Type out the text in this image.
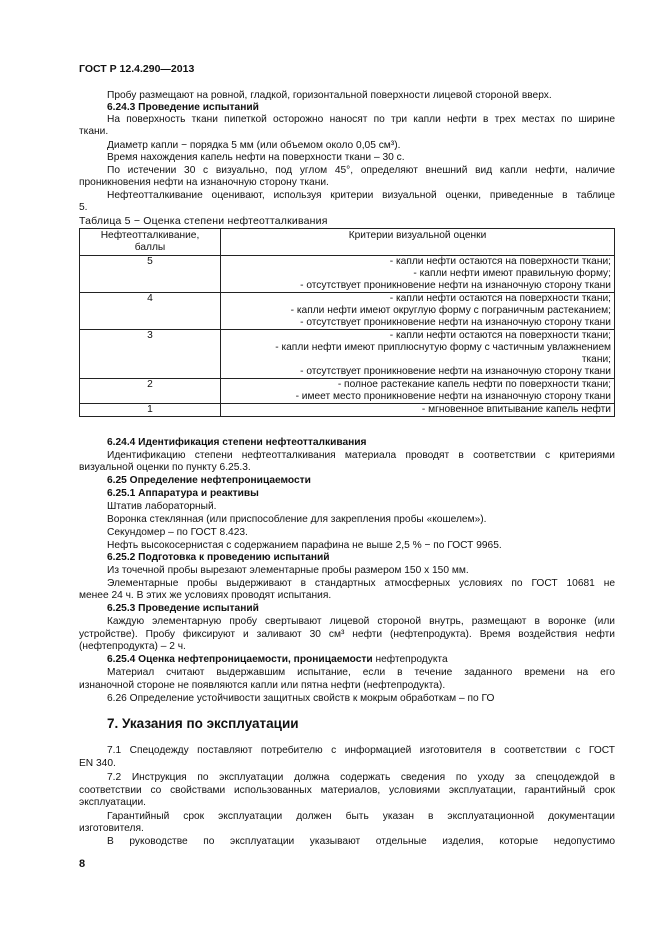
ГОСТ Р 12.4.290—2013
Пробу размещают на ровной, гладкой, горизонтальной поверхности лицевой стороной вверх.
6.24.3 Проведение испытаний
На поверхность ткани пипеткой осторожно наносят по три капли нефти в трех местах по ширине
ткани.
Диаметр капли − порядка 5 мм (или объемом около 0,05 см³).
Время нахождения капель нефти на поверхности ткани – 30 с.
По истечении 30 с визуально, под углом 45°, определяют внешний вид капли нефти, наличие
проникновения нефти на изнаночную сторону ткани.
Нефтеотталкивание оценивают, используя критерии визуальной оценки, приведенные в таблице
5.
Таблица 5 − Оценка степени нефтеотталкивания
Нефтеотталкивание,
баллы	Критерии визуальной оценки
5	- капли нефти остаются на поверхности ткани;
- капли нефти имеют правильную форму;
- отсутствует проникновение нефти на изнаночную сторону ткани

4	- капли нефти остаются на поверхности ткани;
- капли нефти имеют округлую форму с пограничным растеканием;
- отсутствует проникновение нефти на изнаночную сторону ткани

3	- капли нефти остаются на поверхности ткани;
- капли нефти имеют приплюснутую форму с частичным увлажнением
ткани;
- отсутствует проникновение нефти на изнаночную сторону ткани

2	- полное растекание капель нефти по поверхности ткани;
- имеет место проникновение нефти на изнаночную сторону ткани

1	- мгновенное впитывание капель нефти
6.24.4 Идентификация степени нефтеотталкивания
Идентификацию степени нефтеотталкивания материала проводят в соответствии с критериями
визуальной оценки по пункту 6.25.3.
6.25 Определение нефтепроницаемости
6.25.1 Аппаратура и реактивы
Штатив лабораторный.
Воронка стеклянная (или приспособление для закрепления пробы «кошелем»).
Секундомер – по ГОСТ 8.423.
Нефть высокосернистая с содержанием парафина не выше 2,5 % − по ГОСТ 9965.
6.25.2 Подготовка к проведению испытаний
Из точечной пробы вырезают элементарные пробы размером 150 х 150 мм.
Элементарные пробы выдерживают в стандартных атмосферных условиях по ГОСТ 10681 не
менее 24 ч. В этих же условиях проводят испытания.
6.25.3 Проведение испытаний
Каждую элементарную пробу свертывают лицевой стороной внутрь, размещают в воронке (или
устройстве). Пробу фиксируют и заливают 30 см³ нефти (нефтепродукта). Время воздействия нефти
(нефтепродукта) – 2 ч.
6.25.4 Оценка нефтепроницаемости, проницаемости нефтепродукта
Материал считают выдержавшим испытание, если в течение заданного времени на его
изнаночной стороне не появляются капли или пятна нефти (нефтепродукта).
6.26 Определение устойчивости защитных свойств к мокрым обработкам – по ГО
7. Указания по эксплуатации
7.1 Спецодежду поставляют потребителю с информацией изготовителя в соответствии с ГОСТ
EN 340.
7.2 Инструкция по эксплуатации должна содержать сведения по уходу за спецодеждой в
соответствии со свойствами использованных материалов, условиями эксплуатации, гарантийный срок
эксплуатации.
Гарантийный срок эксплуатации должен быть указан в эксплуатационной документации
изготовителя.
В руководстве по эксплуатации указывают отдельные изделия, которые недопустимо
8
